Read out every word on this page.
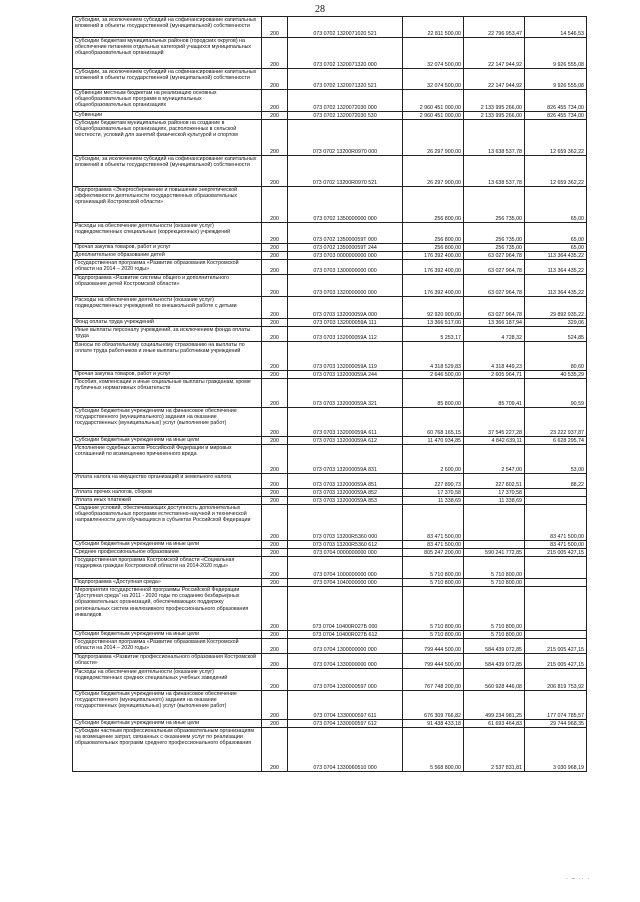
28
Субсидии, за исключением субсидий на софинансирование капитальных вложений в объекты государственной (муниципальной) собственности	200	073 0702 1320071020 521	22 811 500,00	22 796 953,47	14 546,53
Субсидии бюджетам муниципальных районов (городских округов) на обеспечение питанием отдельных категорий учащихся муниципальных общеобразовательных организаций	200	073 0702 1320071320 000	32 074 500,00	22 147 944,92	9 926 555,08
Субсидии, за исключением субсидий на софинансирование капитальных вложений в объекты государственной (муниципальной) собственности	200	073 0702 1320071320 521	32 074 500,00	22 147 944,92	9 926 555,08
Субвенции местным бюджетам на реализацию основных общеобразовательных программ в муниципальных общеобразовательных организациях	200	073 0702 1320072030 000	2 960 451 000,00	2 133 995 266,00	826 455 734,00
Субвенции	200	073 0702 1320072030 530	2 960 451 000,00	2 133 995 266,00	826 455 734,00
Субсидии бюджетам муниципальных районов на создание в общеобразовательных организациях, расположенных в сельской местности, условий для занятий физической культурой и спортом	200	073 0702 13200R0970 000	26 297 900,00	13 638 537,78	12 659 362,22
Субсидии, за исключением субсидий на софинансирование капитальных вложений в объекты государственной (муниципальной) собственности	200	073 0702 13200R0970 521	26 297 900,00	13 638 537,78	12 659 362,22
Подпрограмма «Энергосбережение и повышение энергетической эффективности деятельности государственных образовательных организаций Костромской области»	200	073 0702 1350000000 000	256 800,00	256 735,00	65,00
Расходы на обеспечение деятельности (оказание услуг) подведомственных специальных (коррекционных) учреждений	200	073 0702 135000059Т 000	256 800,00	256 735,00	65,00
Прочая закупка товаров, работ и услуг	200	073 0702 135000059Т 244	256 800,00	256 735,00	65,00
Дополнительное образование детей	200	073 0703 0000000000 000	176 392 400,00	63 027 964,78	113 364 435,22
Государственная программа «Развитие образования Костромской области на 2014 – 2020 годы»	200	073 0703 1300000000 000	176 392 400,00	63 027 964,78	113 364 435,22
Подпрограмма «Развитие системы общего и дополнительного образования детей Костромской области»	200	073 0703 1320000000 000	176 392 400,00	63 027 964,78	113 364 435,22
Расходы на обеспечение деятельности (оказание услуг) подведомственных учреждений по внешкольной работе с детьми	200	073 0703 132000059А 000	92 920 900,00	63 027 964,78	29 892 935,22
Фонд оплаты труда учреждений	200	073 0703 132000059А 111	13 366 517,00	13 366 187,94	329,06
Иные выплаты персоналу учреждений, за исключением фонда оплаты труда	200	073 0703 132000059А 112	5 253,17	4 728,32	524,85
Взносы по обязательному социальному страхованию на выплаты по оплате труда работников и иные выплаты работникам учреждений	200	073 0703 132000059А 119	4 318 529,83	4 318 449,23	80,60
Прочая закупка товаров, работ и услуг	200	073 0703 132000059А 244	2 646 500,00	2 605 964,71	40 535,29
Пособия, компенсации и иные социальные выплаты гражданам, кроме публичных нормативных обязательств	200	073 0703 132000059А 321	85 800,00	85 709,41	90,59
Субсидии бюджетным учреждениям на финансовое обеспечение государственного (муниципального) задания на оказание государственных (муниципальных) услуг (выполнение работ)	200	073 0703 132000059А 611	60 768 165,15	37 545 227,28	23 222 937,87
Субсидии бюджетным учреждениям на иные цели	200	073 0703 132000059А 612	11 470 934,85	4 842 639,11	6 628 295,74
Исполнение судебных актов Российской Федерации и мировых соглашений по возмещению причиненного вреда	200	073 0703 132000059А 831	2 600,00	2 547,00	53,00
Уплата налога на имущество организаций и земельного налога	200	073 0703 132000059А 851	227 890,73	227 802,51	88,22
Уплата прочих налогов, сборов	200	073 0703 132000059А 852	17 370,58	17 370,58	
Уплата иных платежей	200	073 0703 132000059А 853	11 338,69	11 338,69	
Создание условий, обеспечивающих доступность дополнительных общеобразовательных программ естественно-научной и технической направленности для обучающихся в субъектах Российской Федерации	200	073 0703 13200R5360 000	83 471 500,00		83 471 500,00
Субсидии бюджетным учреждениям на иные цели	200	073 0703 13200R5360 612	83 471 500,00		83 471 500,00
Среднее профессиональное образование	200	073 0704 0000000000 000	805 247 200,00	590 241 772,85	215 005 427,15
Государственная программа Костромской области «Социальная поддержка граждан Костромской области на 2014-2020 годы»	200	073 0704 1000000000 000	5 710 800,00	5 710 800,00	
Подпрограмма «Доступная среда»	200	073 0704 1040000000 000	5 710 800,00	5 710 800,00	
Мероприятия государственной программы Российской Федерации "Доступная среда" на 2011 - 2020 годы по созданию безбарьерных образовательных организаций, обеспечивающих поддержку региональных систем инклюзивного профессионального образования инвалидов	200	073 0704 10400R027Б 000	5 710 800,00	5 710 800,00	
Субсидии бюджетным учреждениям на иные цели	200	073 0704 10400R027Б 612	5 710 800,00	5 710 800,00	
Государственная программа «Развитие образования Костромской области на 2014 – 2020 годы»	200	073 0704 1300000000 000	799 444 500,00	584 439 072,85	215 005 427,15
Подпрограмма «Развитие профессионального образования Костромской области»	200	073 0704 1330000000 000	799 444 500,00	584 439 072,85	215 005 427,15
Расходы на обеспечение деятельности (оказание услуг) подведомственных средних специальных учебных заведений	200	073 0704 1330000597 000	767 748 200,00	560 928 446,08	206 819 753,92
Субсидии бюджетным учреждениям на финансовое обеспечение государственного (муниципального) задания на оказание государственных (муниципальных) услуг (выполнение работ)	200	073 0704 1330000597 611	676 309 766,82	499 234 981,25	177 074 785,57
Субсидии бюджетным учреждениям на иные цели	200	073 0704 1330000597 612	91 438 433,18	61 693 464,83	29 744 968,35
Субсидии частным профессиональным образовательным организациям на возмещение затрат, связанных с оказанием услуг по реализации образовательных программ среднего профессионального образования	200	073 0704 1330060510 000	5 568 800,00	2 537 831,81	3 030 968,19
· – ·· ·
